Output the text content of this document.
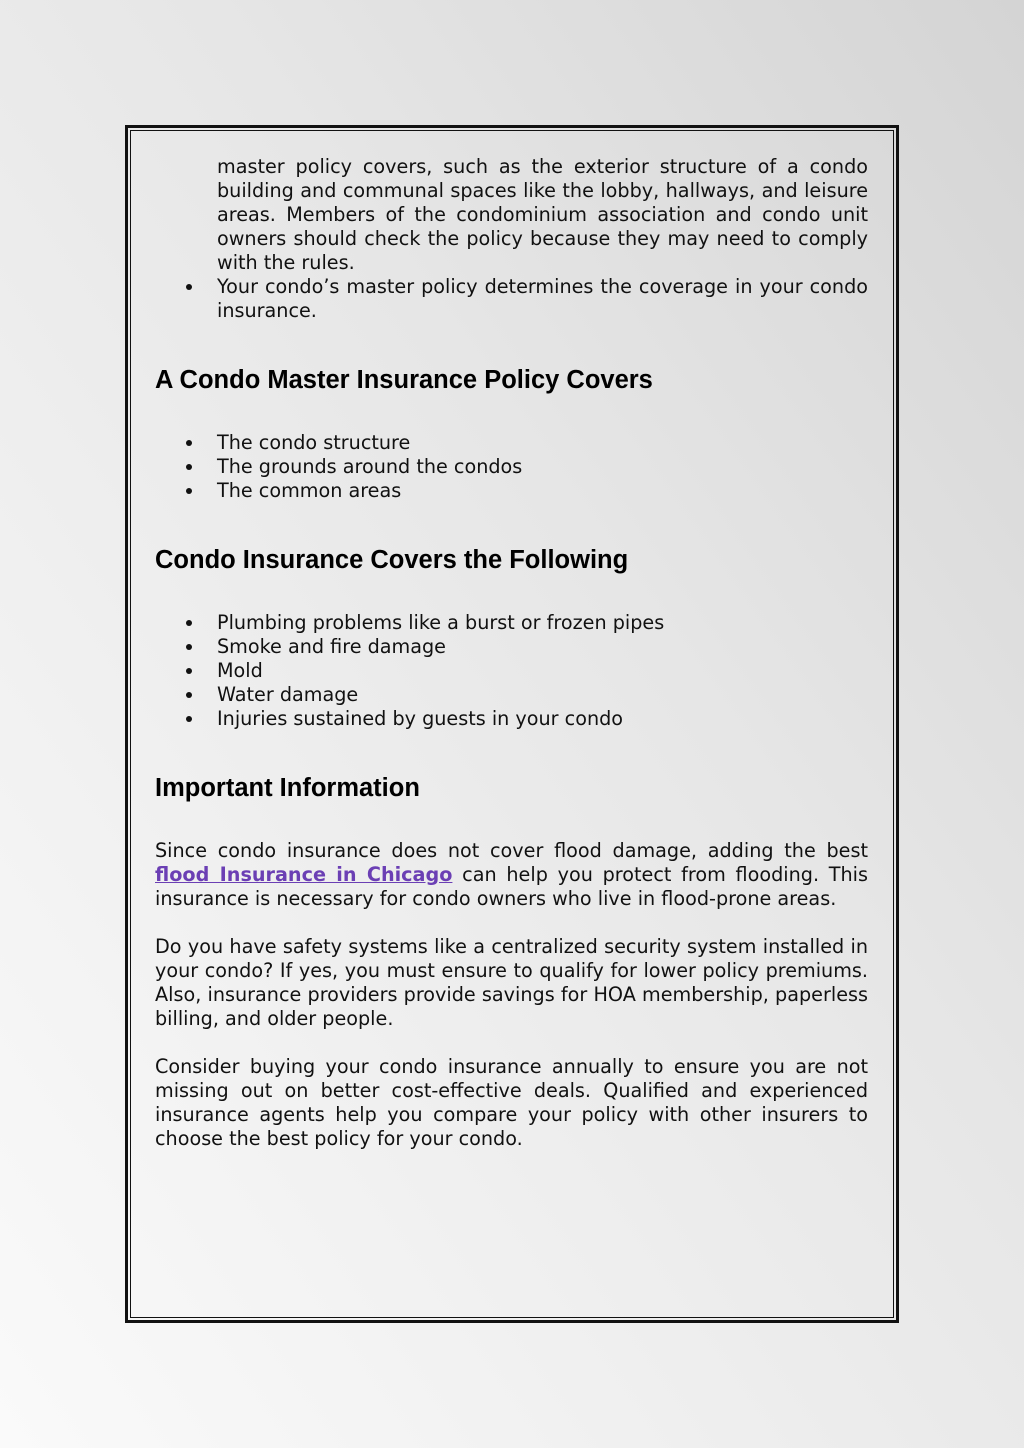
master policy covers, such as the exterior structure of a condo building and communal spaces like the lobby, hallways, and leisure areas. Members of the condominium association and condo unit owners should check the policy because they may need to comply with the rules.

Your condo’s master policy determines the coverage in your condo insurance.
A Condo Master Insurance Policy Covers
The condo structure
The grounds around the condos
The common areas
Condo Insurance Covers the Following
Plumbing problems like a burst or frozen pipes
Smoke and fire damage
Mold
Water damage
Injuries sustained by guests in your condo
Important Information

Since condo insurance does not cover flood damage, adding the best flood Insurance in Chicago can help you protect from flooding. This insurance is necessary for condo owners who live in flood-prone areas.

Do you have safety systems like a centralized security system installed in your condo? If yes, you must ensure to qualify for lower policy premiums. Also, insurance providers provide savings for HOA membership, paperless billing, and older people.

Consider buying your condo insurance annually to ensure you are not missing out on better cost-effective deals. Qualified and experienced insurance agents help you compare your policy with other insurers to choose the best policy for your condo.
